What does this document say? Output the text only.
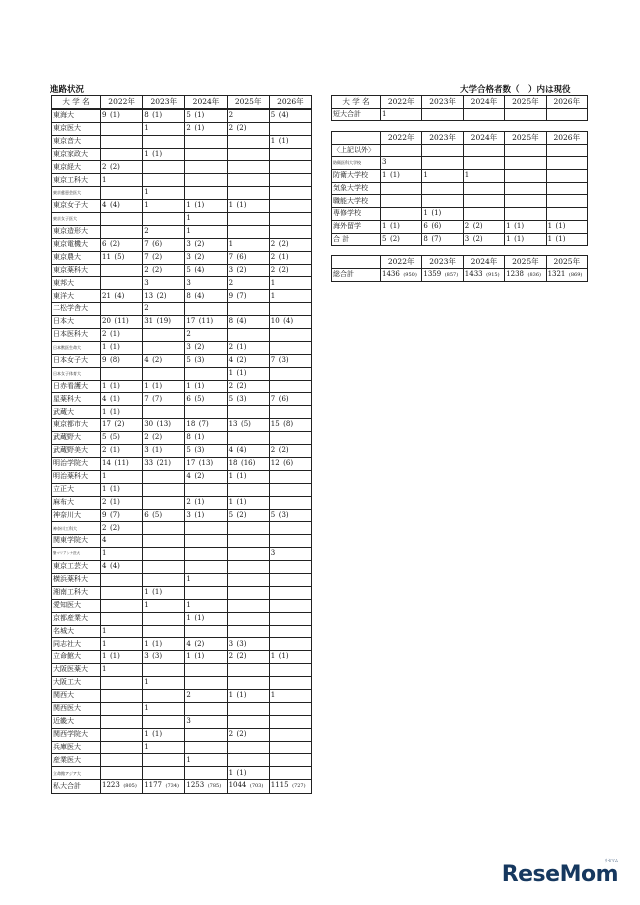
進路状況	大学合格者数（　）内は現役
大 学 名	2022年	2023年	2024年	2025年	2026年
東海大	9  (1)	8  (1)	5  (1)	2 	5  (4)
東京医大	 	1 	2  (1)	2  (2)	 
東京音大	 	 	 	 	1  (1)
東京家政大	 	1  (1)	 	 	 
東京経大	2  (2)	 	 	 	 
東京工科大	1 	 	 	 	 
東京慈恵会医大	 	1 	 	 	 
東京女子大	4  (4)	1 	1  (1)	1  (1)	 
東京女子医大	 	 	1 	 	 
東京造形大	 	2 	1 	 	 
東京電機大	6  (2)	7  (6)	3  (2)	1 	2  (2)
東京農大	11  (5)	7  (2)	3  (2)	7  (6)	2  (1)
東京薬科大	 	2  (2)	5  (4)	3  (2)	2  (2)
東邦大	 	3 	3 	2 	1 
東洋大	21  (4)	13  (2)	8  (4)	9  (7)	1 
二松学舎大	 	2 	 	 	 
日本大	20  (11)	31  (19)	17  (11)	8  (4)	10  (4)
日本医科大	2  (1)	 	2 	 	 
日本獣医生命大	1  (1)	 	3  (2)	2  (1)	 
日本女子大	9  (8)	4  (2)	5  (3)	4  (2)	7  (3)
日本女子体育大	 	 	 	1  (1)	 
日赤看護大	1  (1)	1  (1)	1  (1)	2  (2)	 
星薬科大	4  (1)	7  (7)	6  (5)	5  (3)	7  (6)
武蔵大	1  (1)	 	 	 	 
東京都市大	17  (2)	30  (13)	18  (7)	13  (5)	15  (8)
武蔵野大	5  (5)	2  (2)	8  (1)	 	 
武蔵野美大	2  (1)	3  (1)	5  (3)	4  (4)	2  (2)
明治学院大	14  (11)	33  (21)	17  (13)	18  (16)	12  (6)
明治薬科大	1 	 	4  (2)	1  (1)	 
立正大	1  (1)	 	 	 	 
麻布大	2  (1)	 	2  (1)	1  (1)	 
神奈川大	9  (7)	6  (5)	3  (1)	5  (2)	5  (3)
神奈川工科大	2  (2)	 	 	 	 
関東学院大	4 	 	 	 	 
聖マリアンナ医大	1 	 	 	 	3 
東京工芸大	4  (4)	 	 	 	 
横浜薬科大	 	 	1 	 	 
湘南工科大	 	1  (1)	 	 	 
愛知医大	 	1 	1 	 	 
京都産業大	 	 	1  (1)	 	 
名城大	1 	 	 	 	 
同志社大	1 	1  (1)	4  (2)	3  (3)	 
立命館大	1  (1)	3  (3)	1  (1)	2  (2)	1  (1)
大阪医薬大	1 	 	 	 	 
大阪工大	 	1 	 	 	 
関西大	 	 	2 	1  (1)	1 
関西医大	 	1 	 	 	 
近畿大	 	 	3 	 	 
関西学院大	 	1  (1)	 	2  (2)	 
兵庫医大	 	1 	 	 	 
産業医大	 	 	1 	 	 
立命館アジア大	 	 	 	1  (1)	 
私大合計	1223  (805)	1177  (734)	1253  (785)	1044  (703)	1115  (727)
大 学 名	2022年	2023年	2024年	2025年	2026年
短大合計	1 	 	 	 	 
	2022年	2023年	2024年	2025年	2026年
〈上記以外〉	 	 	 	 	 
防衛医科大学校	3 	 	 	 	 
防衛大学校	1  (1)	1 	1 	 	 
気象大学校	 	 	 	 	 
職能大学校	 	 	 	 	 
専修学校	 	1  (1)	 	 	 
海外留学	1  (1)	6  (6)	2  (2)	1  (1)	1  (1)
合 計	5  (2)	8  (7)	3  (2)	1  (1)	1  (1)
	2022年	2023年	2024年	2025年	2025年
総合計	1436  (950)	1359  (857)	1433  (915)	1238  (836)	1321  (869)
ReseMom
リセマム
